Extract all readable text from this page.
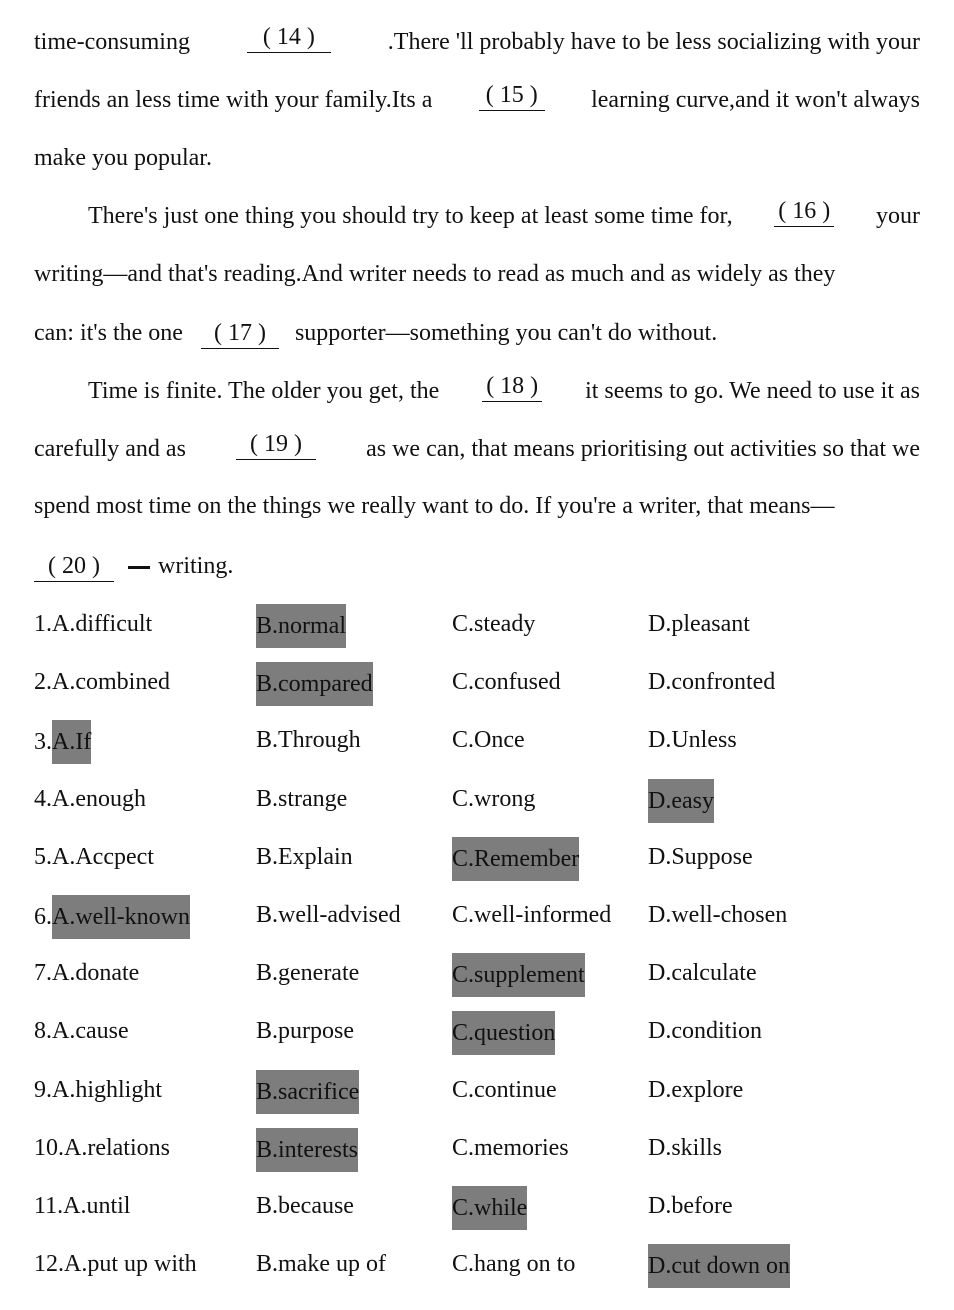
time-consuming	( 14 )	.There 'll probably have to be less socializing with your
friends an less time with your family.Its a ( 15 ) learning curve,and it won't always
make you popular.
There's just one thing you should try to keep at least some time for, ( 16 ) your
writing—and that's reading.And writer needs to read as much and as widely as they
can: it's the one ( 17 ) supporter—something you can't do without.
Time is finite. The older you get, the ( 18 ) it seems to go. We need to use it as
carefully and as	( 19 )	as we can, that means prioritising out activities so that we
spend most time on the things we really want to do. If you're a writer, that means—
( 20 ) writing.
1.A.difficult	B.normal	C.steady	D.pleasant
2.A.combined	B.compared	C.confused	D.confronted
3.A.If	B.Through	C.Once	D.Unless
4.A.enough	B.strange	C.wrong	D.easy
5.A.Accpect	B.Explain	C.Remember	D.Suppose
6.A.well-known	B.well-advised C.well-informed D.well-chosen
7.A.donate	B.generate	C.supplement	D.calculate
8.A.cause	B.purpose	C.question	D.condition
9.A.highlight	B.sacrifice	C.continue	D.explore
10.A.relations	B.interests	C.memories	D.skills
11.A.until	B.because	C.while	D.before
12.A.put up with B.make up of	C.hang on to	D.cut down on
